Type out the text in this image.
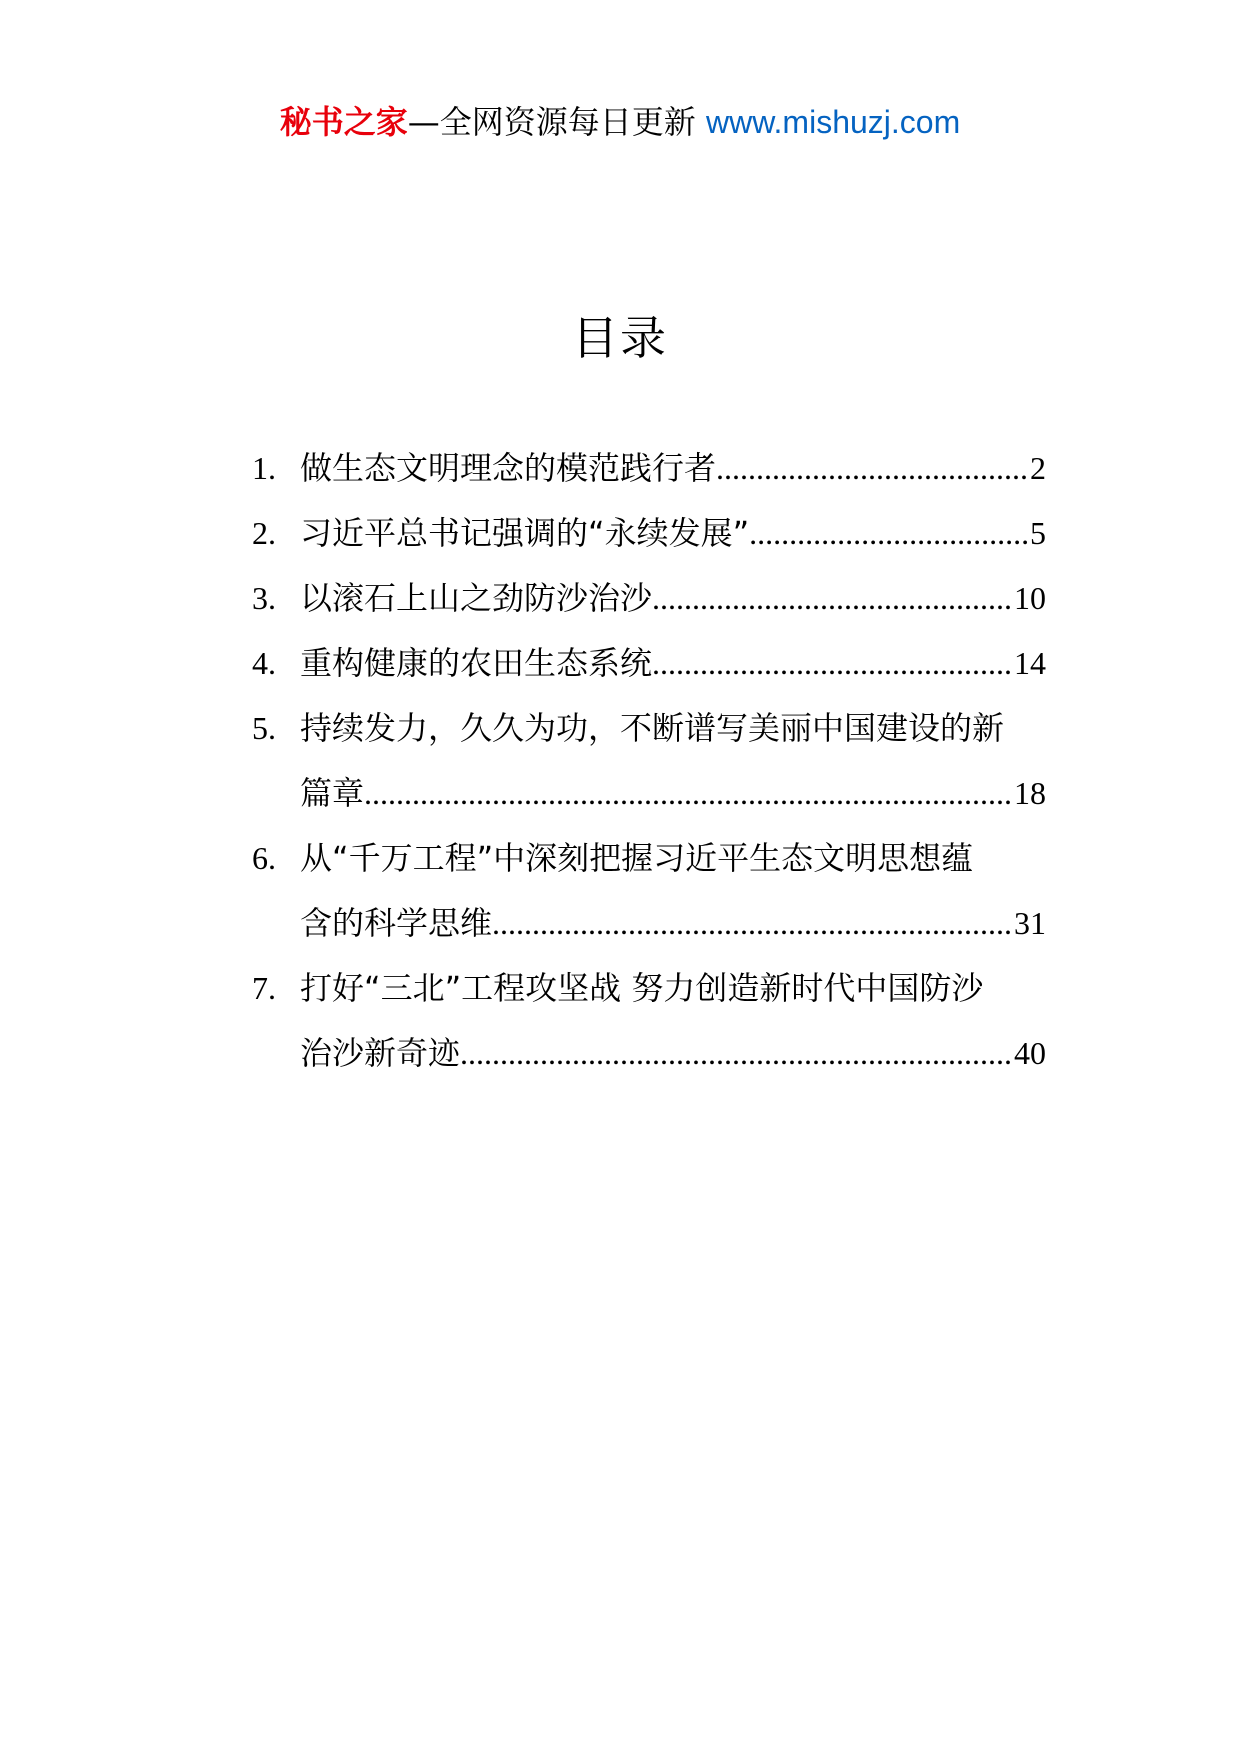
秘书之家—全网资源每日更新 www.mishuzj.com
目录
1. 做生态文明理念的模范践行者 .....	2
2. 习近平总书记强调的“永续发展” .....	5
3. 以滚石上山之劲防沙治沙 .....	10
4. 重构健康的农田生态系统 .....	14
5. 持续发力，久久为功，不断谱写美丽中国建设的新
篇章 .....	18
6. 从“千万工程”中深刻把握习近平生态文明思想蕴
含的科学思维 .....	31
7. 打好“三北”工程攻坚战 努力创造新时代中国防沙
治沙新奇迹 .....	40
